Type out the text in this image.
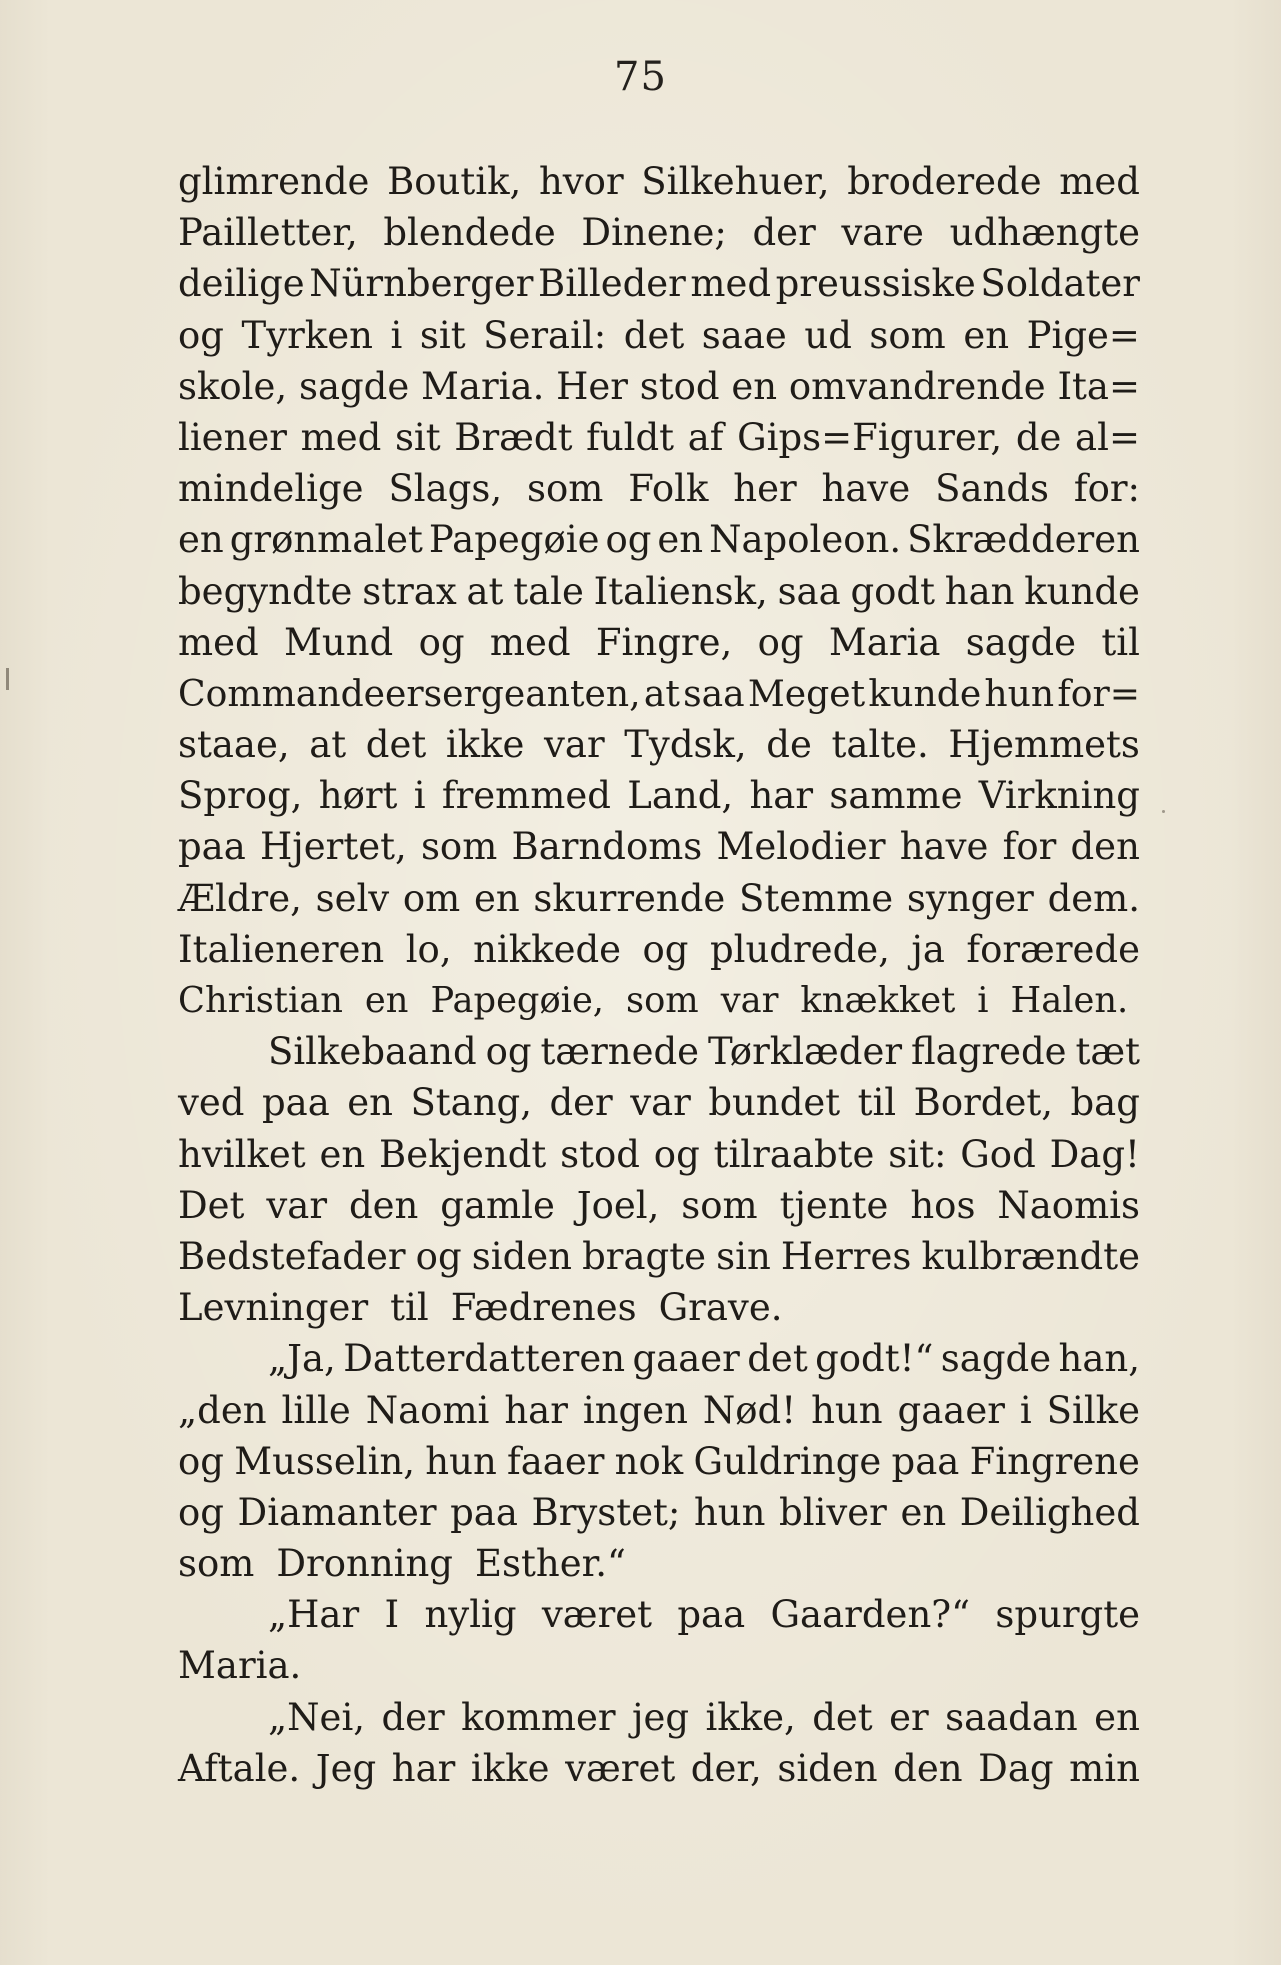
75
glimrende Boutik, hvor Silkehuer, broderede med
Pailletter, blendede Dinene; der vare udhængte
deilige Nürnberger Billeder med preussiske Soldater
og Tyrken i sit Serail: det saae ud som en Pige=
skole, sagde Maria. Her stod en omvandrende Ita=
liener med sit Brædt fuldt af Gips=Figurer, de al=
mindelige Slags, som Folk her have Sands for:
en grønmalet Papegøie og en Napoleon. Skrædderen
begyndte strax at tale Italiensk, saa godt han kunde
med Mund og med Fingre, og Maria sagde til
Commandeersergeanten, at saa Meget kunde hun for=
staae, at det ikke var Tydsk, de talte. Hjemmets
Sprog, hørt i fremmed Land, har samme Virkning
paa Hjertet, som Barndoms Melodier have for den
Ældre, selv om en skurrende Stemme synger dem.
Italieneren lo, nikkede og pludrede, ja forærede
Christian en Papegøie, som var knækket i Halen.
Silkebaand og tærnede Tørklæder flagrede tæt
ved paa en Stang, der var bundet til Bordet, bag
hvilket en Bekjendt stod og tilraabte sit: God Dag!
Det var den gamle Joel, som tjente hos Naomis
Bedstefader og siden bragte sin Herres kulbrændte
Levninger til Fædrenes Grave.
„Ja, Datterdatteren gaaer det godt!“ sagde han,
„den lille Naomi har ingen Nød! hun gaaer i Silke
og Musselin, hun faaer nok Guldringe paa Fingrene
og Diamanter paa Brystet; hun bliver en Deilighed
som Dronning Esther.“
„Har I nylig været paa Gaarden?“ spurgte
Maria.
„Nei, der kommer jeg ikke, det er saadan en
Aftale. Jeg har ikke været der, siden den Dag min
